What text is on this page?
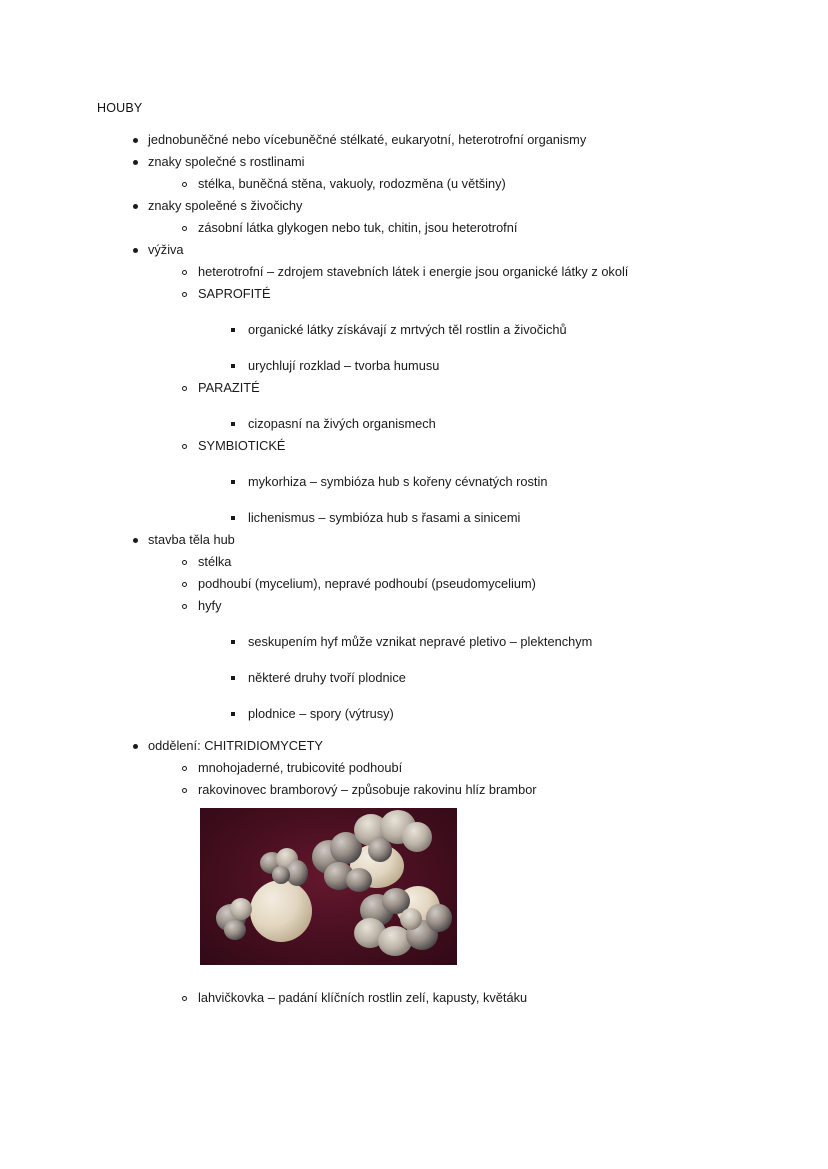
HOUBY
jednobuněčné nebo vícebuněčné stélkaté, eukaryotní, heterotrofní organismy
znaky společné s rostlinami
stélka, buněčná stěna, vakuoly, rodozměna (u většiny)
znaky spoleěné s živočichy
zásobní látka glykogen nebo tuk, chitin, jsou heterotrofní
výživa
heterotrofní – zdrojem stavebních látek i energie jsou organické látky z okolí
SAPROFITÉ
organické látky získávají z mrtvých těl rostlin a živočichů
urychlují rozklad – tvorba humusu
PARAZITÉ
cizopasní na živých organismech
SYMBIOTICKÉ
mykorhiza – symbióza hub s kořeny cévnatých rostin
lichenismus – symbióza hub s řasami a sinicemi
stavba těla hub
stélka
podhoubí (mycelium), nepravé podhoubí (pseudomycelium)
hyfy
seskupením hyf může vznikat nepravé pletivo – plektenchym
některé druhy tvoří plodnice
plodnice – spory (výtrusy)
oddělení: CHITRIDIOMYCETY
mnohojaderné, trubicovité podhoubí
rakovinovec bramborový – způsobuje rakovinu hlíz brambor
lahvičkovka – padání klíčních rostlin zelí, kapusty, květáku
